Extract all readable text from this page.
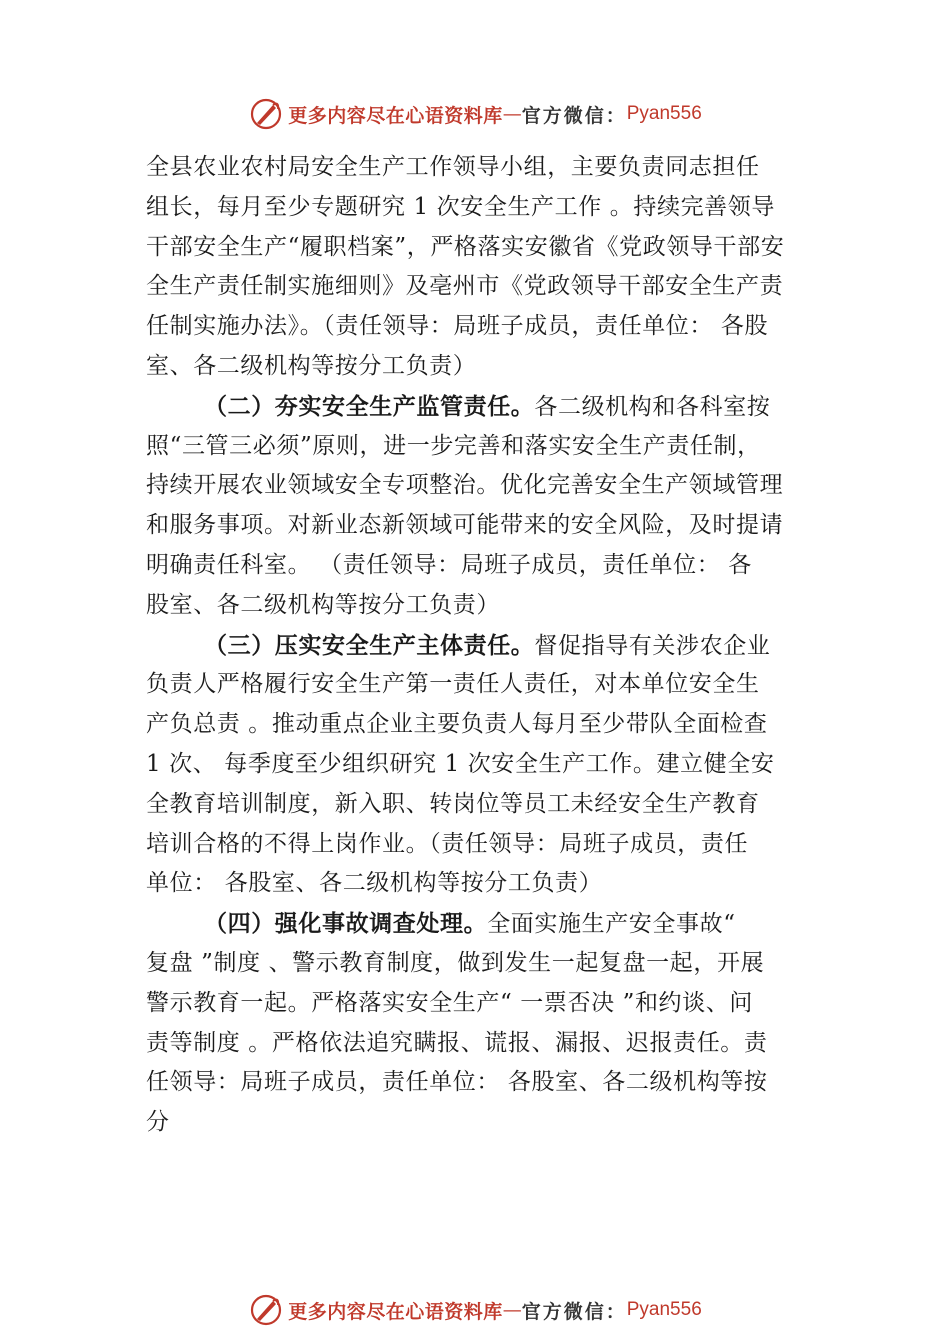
更多内容尽在心语资料库 — 官方微信： Pyan556
全县农业农村局安全生产工作领导小组，主要负责同志担任
组长，每月至少专题研究 1 次安全生产工作 。持续完善领导
干部安全生产“履职档案”，严格落实安徽省《党政领导干部安
全生产责任制实施细则》及亳州市《党政领导干部安全生产责
任制实施办法》。（责任领导：局班子成员，责任单位： 各股
室、各二级机构等按分工负责）
（二）夯实安全生产监管责任。各二级机构和各科室按
照“三管三必须”原则，进一步完善和落实安全生产责任制，
持续开展农业领域安全专项整治。优化完善安全生产领域管理
和服务事项。对新业态新领域可能带来的安全风险，及时提请
明确责任科室。 （责任领导：局班子成员，责任单位： 各
股室、各二级机构等按分工负责）
（三）压实安全生产主体责任。督促指导有关涉农企业
负责人严格履行安全生产第一责任人责任，对本单位安全生
产负总责 。推动重点企业主要负责人每月至少带队全面检查
1 次、 每季度至少组织研究 1 次安全生产工作。建立健全安
全教育培训制度，新入职、转岗位等员工未经安全生产教育
培训合格的不得上岗作业。（责任领导：局班子成员，责任
单位： 各股室、各二级机构等按分工负责）
（四）强化事故调查处理。全面实施生产安全事故“
复盘 ”制度 、警示教育制度，做到发生一起复盘一起，开展
警示教育一起。严格落实安全生产“ 一票否决 ”和约谈、问
责等制度 。严格依法追究瞒报、谎报、漏报、迟报责任。责
任领导：局班子成员，责任单位： 各股室、各二级机构等按
分
更多内容尽在心语资料库 — 官方微信： Pyan556
